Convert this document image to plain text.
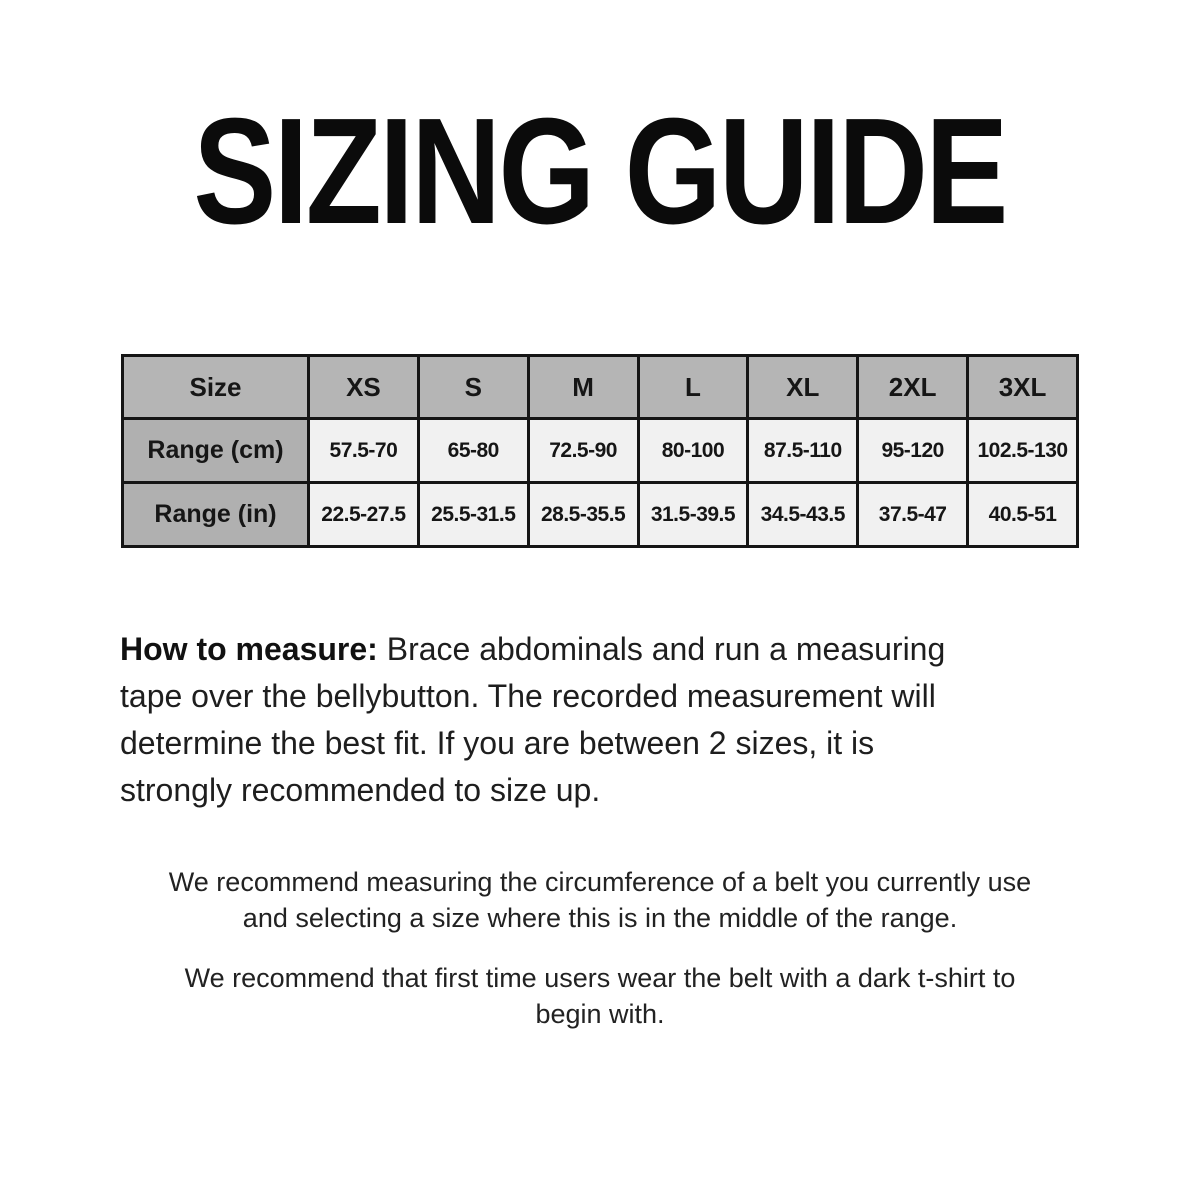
SIZING GUIDE
Size	XS	S	M	L	XL	2XL	3XL
Range (cm)	57.5-70	65-80	72.5-90	80-100	87.5-110	95-120	102.5-130
Range (in)	22.5-27.5	25.5-31.5	28.5-35.5	31.5-39.5	34.5-43.5	37.5-47	40.5-51
How to measure: Brace abdominals and run a measuring
tape over the bellybutton. The recorded measurement will
determine the best fit. If you are between 2 sizes, it is
strongly recommended to size up.

We recommend measuring the circumference of a belt you currently use
and selecting a size where this is in the middle of the range.

We recommend that first time users wear the belt with a dark t-shirt to
begin with.
